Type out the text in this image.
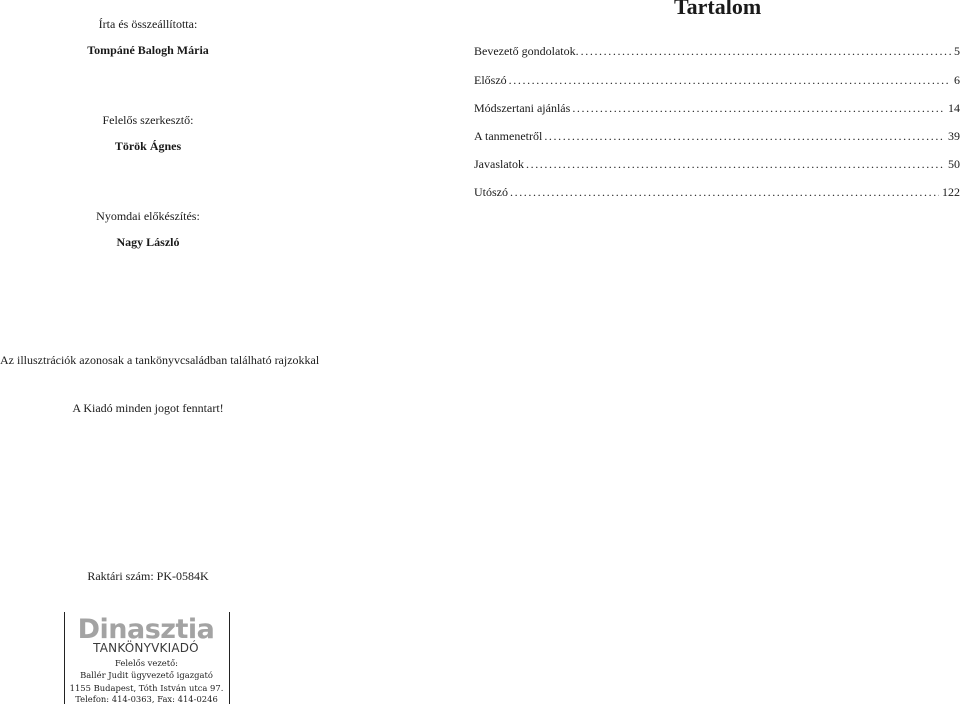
Írta és összeállította:
Tompáné Balogh Mária
Felelős szerkesztő:
Török Ágnes
Nyomdai előkészítés:
Nagy László
Az illusztrációk azonosak a tankönyvcsaládban található rajzokkal
A Kiadó minden jogot fenntart!
Raktári szám: PK-0584K
Dinasztia
TANKÖNYVKIADÓ
Felelős vezető:
Ballér Judit ügyvezető igazgató
1155 Budapest, Tóth István utca 97.
Telefon: 414-0363, Fax: 414-0246
Tartalom
Bevezető gondolatok. .....	5
Előszó .....	6
Módszertani ajánlás .....	14
A tanmenetről .....	39
Javaslatok .....	50
Utószó .....	122
